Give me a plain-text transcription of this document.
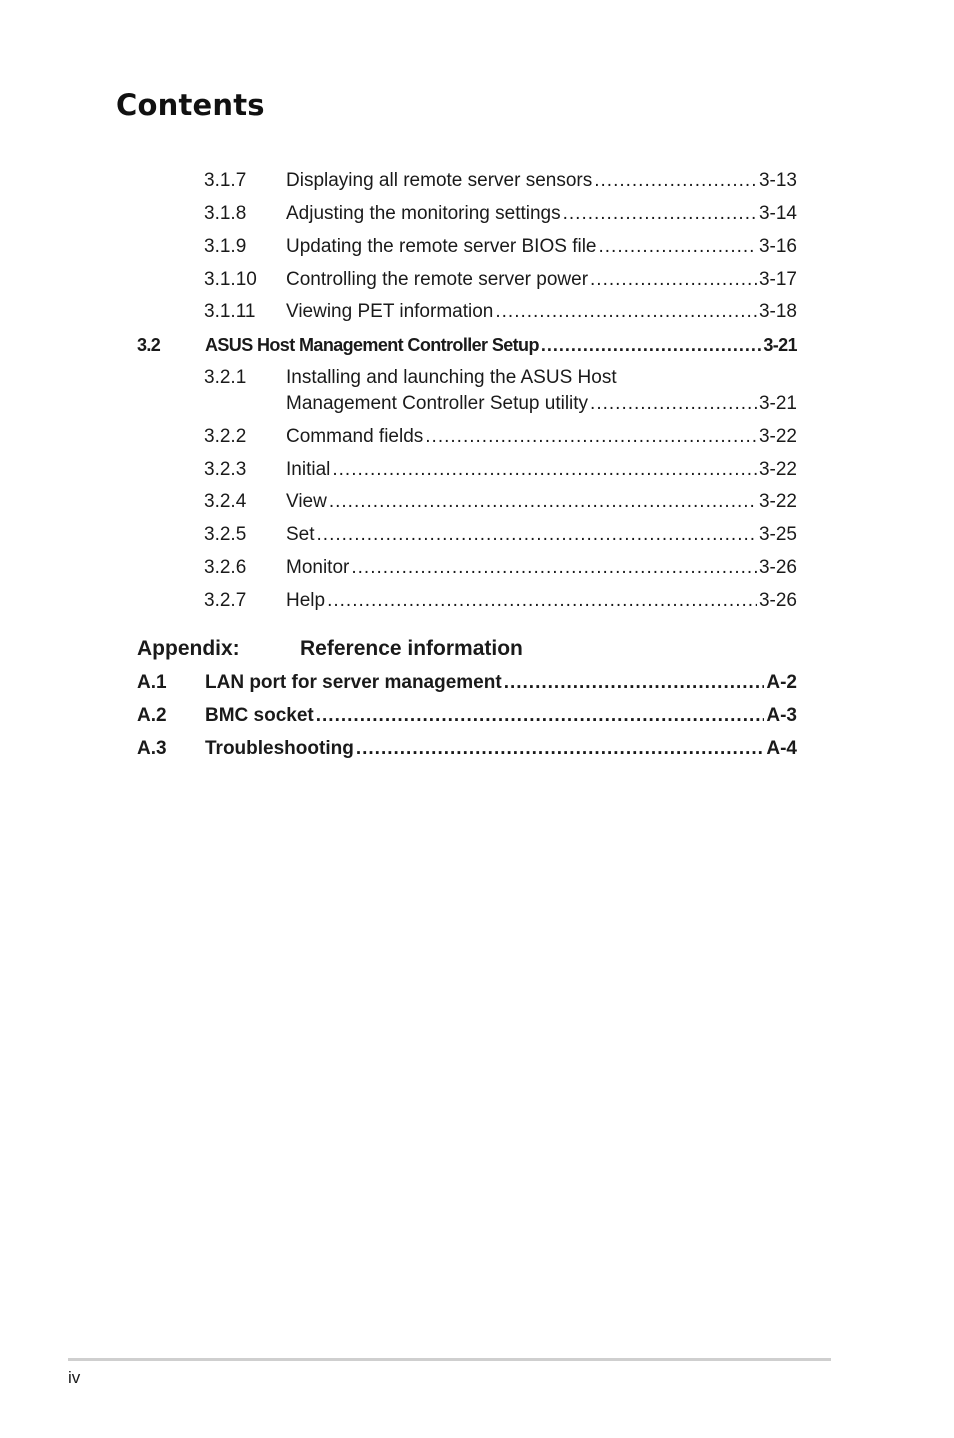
Contents
3.1.7 Displaying all remote server sensors .....	3-13
3.1.8 Adjusting the monitoring settings .....	3-14
3.1.9 Updating the remote server BIOS file .....	3-16
3.1.10 Controlling the remote server power .....	3-17
3.1.11 Viewing PET information .....	3-18
3.2 ASUS Host Management Controller Setup .....	3-21
3.2.1 Installing and launching the ASUS Host
Management Controller Setup utility .....	3-21
3.2.2 Command fields .....	3-22
3.2.3 Initial .....	3-22
3.2.4 View .....	3-22
3.2.5 Set .....	3-25
3.2.6 Monitor .....	3-26
3.2.7 Help .....	3-26
Appendix:	Reference information
A.1 LAN port for server management .....	A-2
A.2 BMC socket .....	A-3
A.3 Troubleshooting .....	A-4
iv
